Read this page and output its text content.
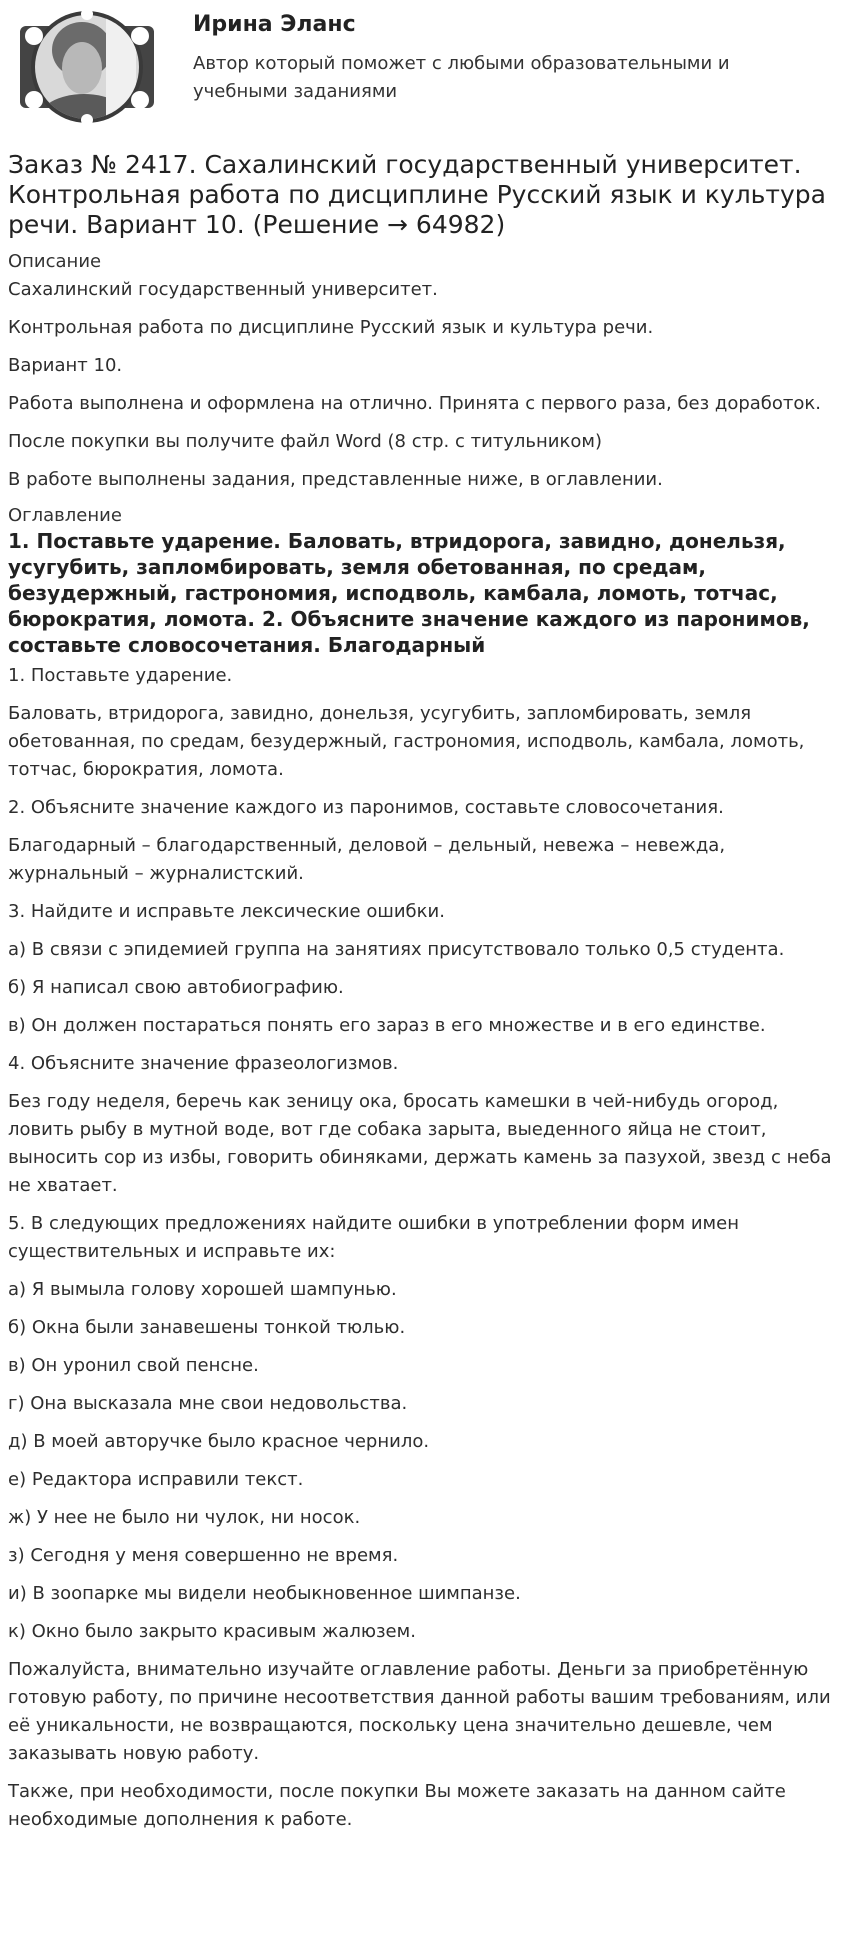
Ирина Эланс
Автор который поможет с любыми образовательными и учебными заданиями
Заказ № 2417. Сахалинский государственный университет. Контрольная работа по дисциплине Русский язык и культура речи. Вариант 10. (Решение → 64982)
Описание

Сахалинский государственный университет.

Контрольная работа по дисциплине Русский язык и культура речи.

Вариант 10.

Работа выполнена и оформлена на отлично. Принята с первого раза, без доработок.

После покупки вы получите файл Word (8 стр. с титульником)

В работе выполнены задания, представленные ниже, в оглавлении.

Оглавление
1. Поставьте ударение. Баловать, втридорога, завидно, донельзя, усугубить, запломбировать, земля обетованная, по средам, безудержный, гастрономия, исподволь, камбала, ломоть, тотчас, бюрократия, ломота. 2. Объясните значение каждого из паронимов, составьте словосочетания. Благодарный

1. Поставьте ударение.

Баловать, втридорога, завидно, донельзя, усугубить, запломбировать, земля обетованная, по средам, безудержный, гастрономия, исподволь, камбала, ломоть, тотчас, бюрократия, ломота.

2. Объясните значение каждого из паронимов, составьте словосочетания.

Благодарный – благодарственный, деловой – дельный, невежа – невежда, журнальный – журналистский.

3. Найдите и исправьте лексические ошибки.

а) В связи с эпидемией группа на занятиях присутствовало только 0,5 студента.

б) Я написал свою автобиографию.

в) Он должен постараться понять его зараз в его множестве и в его единстве.

4. Объясните значение фразеологизмов.

Без году неделя, беречь как зеницу ока, бросать камешки в чей-нибудь огород, ловить рыбу в мутной воде, вот где собака зарыта, выеденного яйца не стоит, выносить сор из избы, говорить обиняками, держать камень за пазухой, звезд с неба не хватает.

5. В следующих предложениях найдите ошибки в употреблении форм имен существительных и исправьте их:

а) Я вымыла голову хорошей шампунью.

б) Окна были занавешены тонкой тюлью.

в) Он уронил свой пенсне.

г) Она высказала мне свои недовольства.

д) В моей авторучке было красное чернило.

е) Редактора исправили текст.

ж) У нее не было ни чулок, ни носок.

з) Сегодня у меня совершенно не время.

и) В зоопарке мы видели необыкновенное шимпанзе.

к) Окно было закрыто красивым жалюзем.

Пожалуйста, внимательно изучайте оглавление работы. Деньги за приобретённую готовую работу, по причине несоответствия данной работы вашим требованиям, или её уникальности, не возвращаются, поскольку цена значительно дешевле, чем заказывать новую работу.

Также, при необходимости, после покупки Вы можете заказать на данном сайте необходимые дополнения к работе.
